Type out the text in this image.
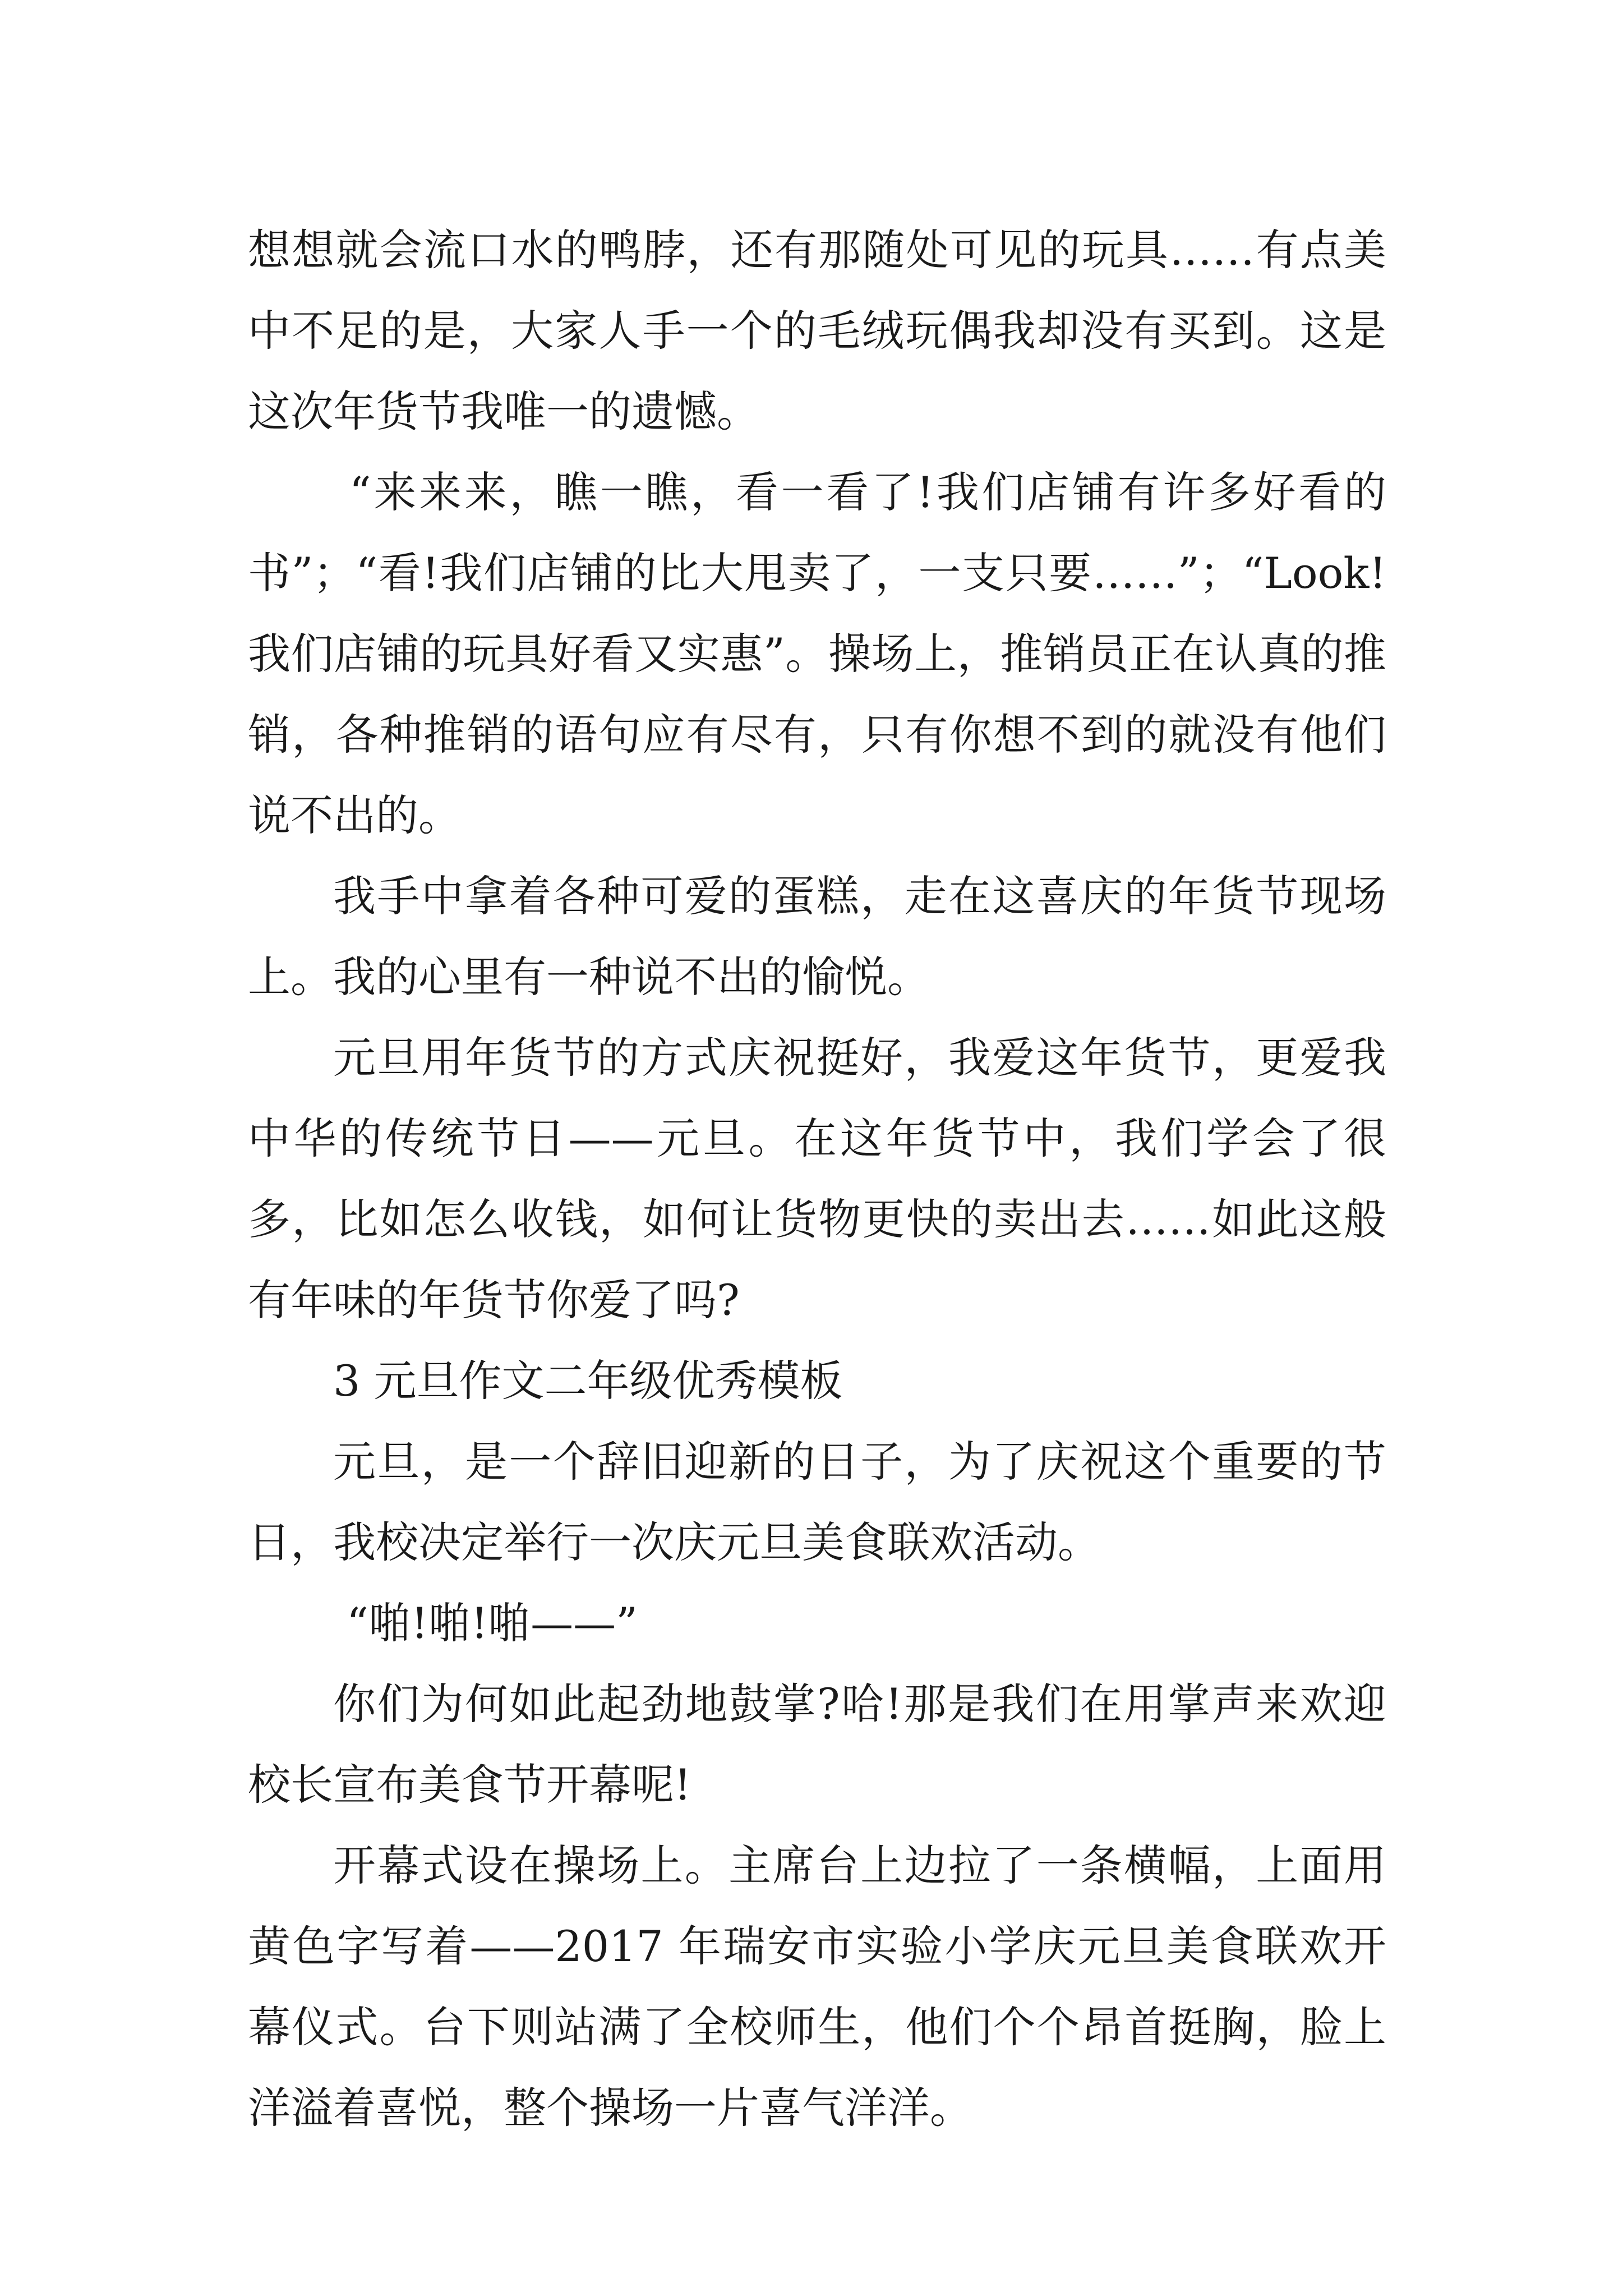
想想就会流口水的鸭脖，还有那随处可见的玩具……有点美中不足的是，大家人手一个的毛绒玩偶我却没有买到。这是这次年货节我唯一的遗憾。

“来来来，瞧一瞧，看一看了!我们店铺有许多好看的书”；“看!我们店铺的比大甩卖了，一支只要……”；“Look!我们店铺的玩具好看又实惠”。操场上，推销员正在认真的推销，各种推销的语句应有尽有，只有你想不到的就没有他们说不出的。

我手中拿着各种可爱的蛋糕，走在这喜庆的年货节现场上。我的心里有一种说不出的愉悦。

元旦用年货节的方式庆祝挺好，我爱这年货节，更爱我中华的传统节日——元旦。在这年货节中，我们学会了很多，比如怎么收钱，如何让货物更快的卖出去……如此这般有年味的年货节你爱了吗?

3 元旦作文二年级优秀模板

元旦，是一个辞旧迎新的日子，为了庆祝这个重要的节日，我校决定举行一次庆元旦美食联欢活动。

“啪!啪!啪——”

你们为何如此起劲地鼓掌?哈!那是我们在用掌声来欢迎校长宣布美食节开幕呢!

开幕式设在操场上。主席台上边拉了一条横幅，上面用黄色字写着——2017 年瑞安市实验小学庆元旦美食联欢开幕仪式。台下则站满了全校师生，他们个个昂首挺胸，脸上洋溢着喜悦，整个操场一片喜气洋洋。
